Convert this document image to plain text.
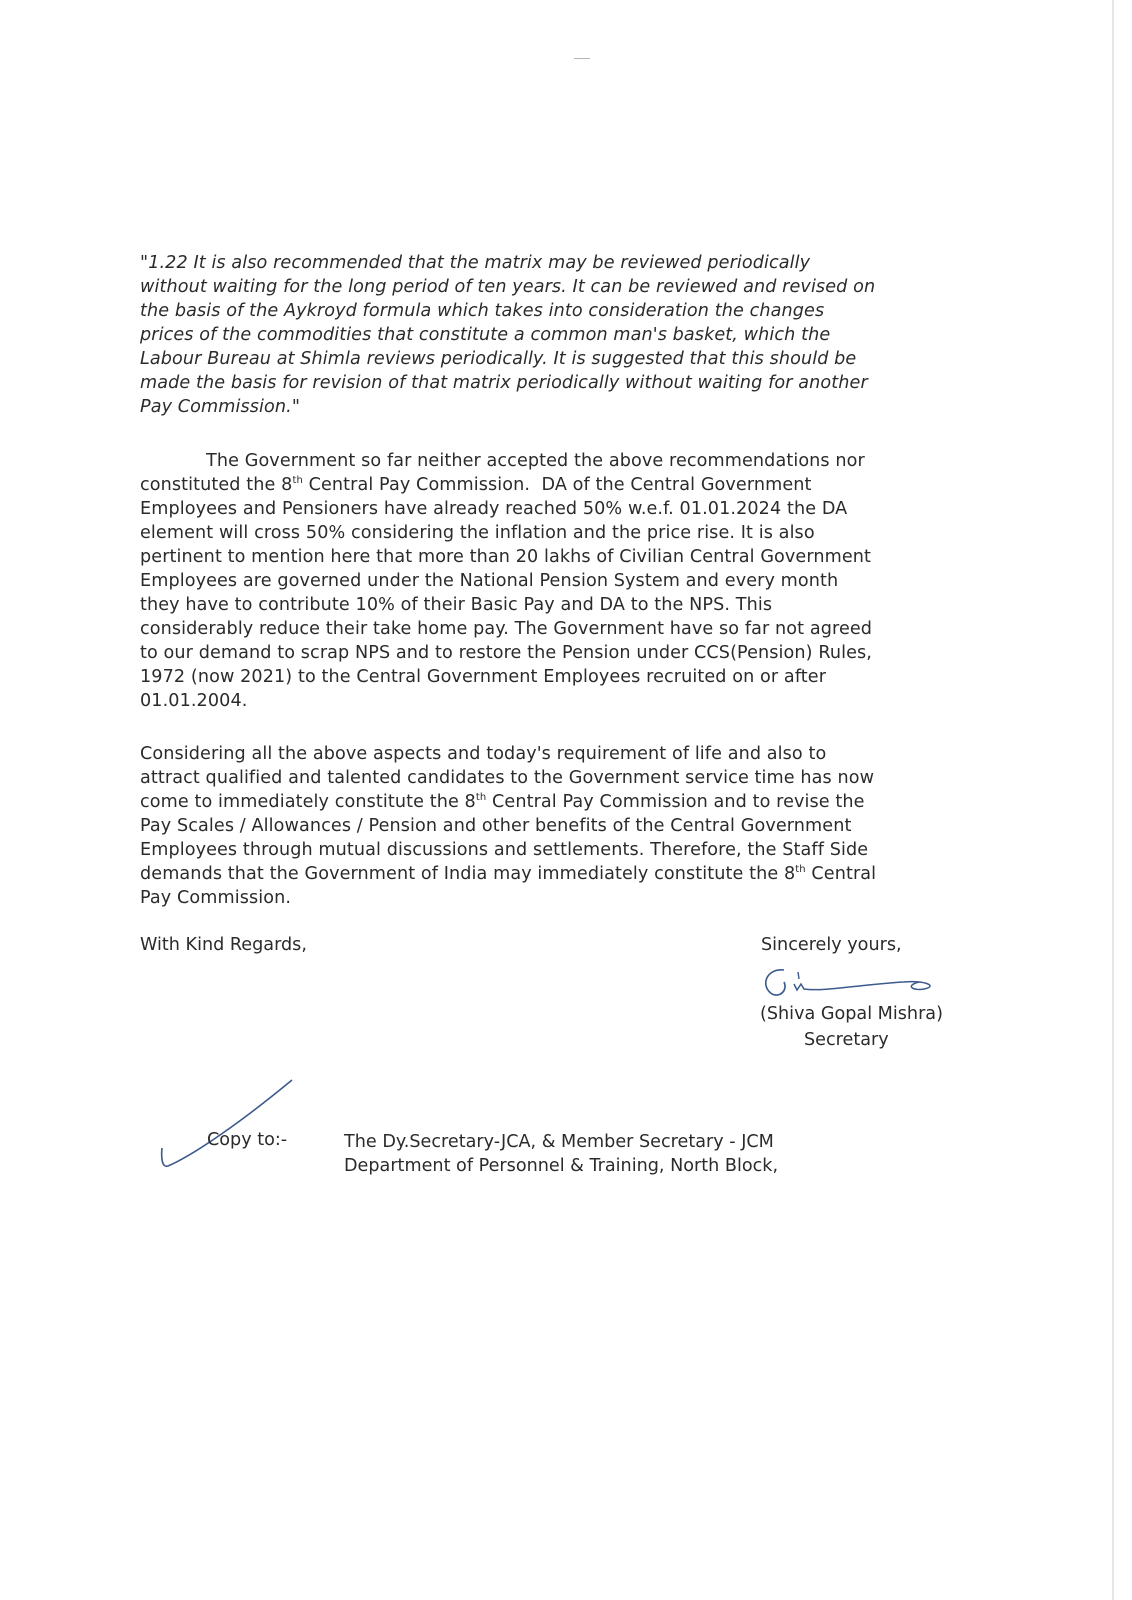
"1.22 It is also recommended that the matrix may be reviewed periodically
without waiting for the long period of ten years. It can be reviewed and revised on
the basis of the Aykroyd formula which takes into consideration the changes
prices of the commodities that constitute a common man's basket, which the
Labour Bureau at Shimla reviews periodically. It is suggested that this should be
made the basis for revision of that matrix periodically without waiting for another
Pay Commission."
The Government so far neither accepted the above recommendations nor
constituted the 8th Central Pay Commission.  DA of the Central Government
Employees and Pensioners have already reached 50% w.e.f. 01.01.2024 the DA
element will cross 50% considering the inflation and the price rise. It is also
pertinent to mention here that more than 20 lakhs of Civilian Central Government
Employees are governed under the National Pension System and every month
they have to contribute 10% of their Basic Pay and DA to the NPS. This
considerably reduce their take home pay. The Government have so far not agreed
to our demand to scrap NPS and to restore the Pension under CCS(Pension) Rules,
1972 (now 2021) to the Central Government Employees recruited on or after
01.01.2004.
Considering all the above aspects and today's requirement of life and also to
attract qualified and talented candidates to the Government service time has now
come to immediately constitute the 8th Central Pay Commission and to revise the
Pay Scales / Allowances / Pension and other benefits of the Central Government
Employees through mutual discussions and settlements. Therefore, the Staff Side
demands that the Government of India may immediately constitute the 8th Central
Pay Commission.
With Kind Regards,	Sincerely yours,
(Shiva Gopal Mishra)
Secretary
Copy to:-	The Dy.Secretary-JCA, & Member Secretary - JCM
Department of Personnel & Training, North Block,
